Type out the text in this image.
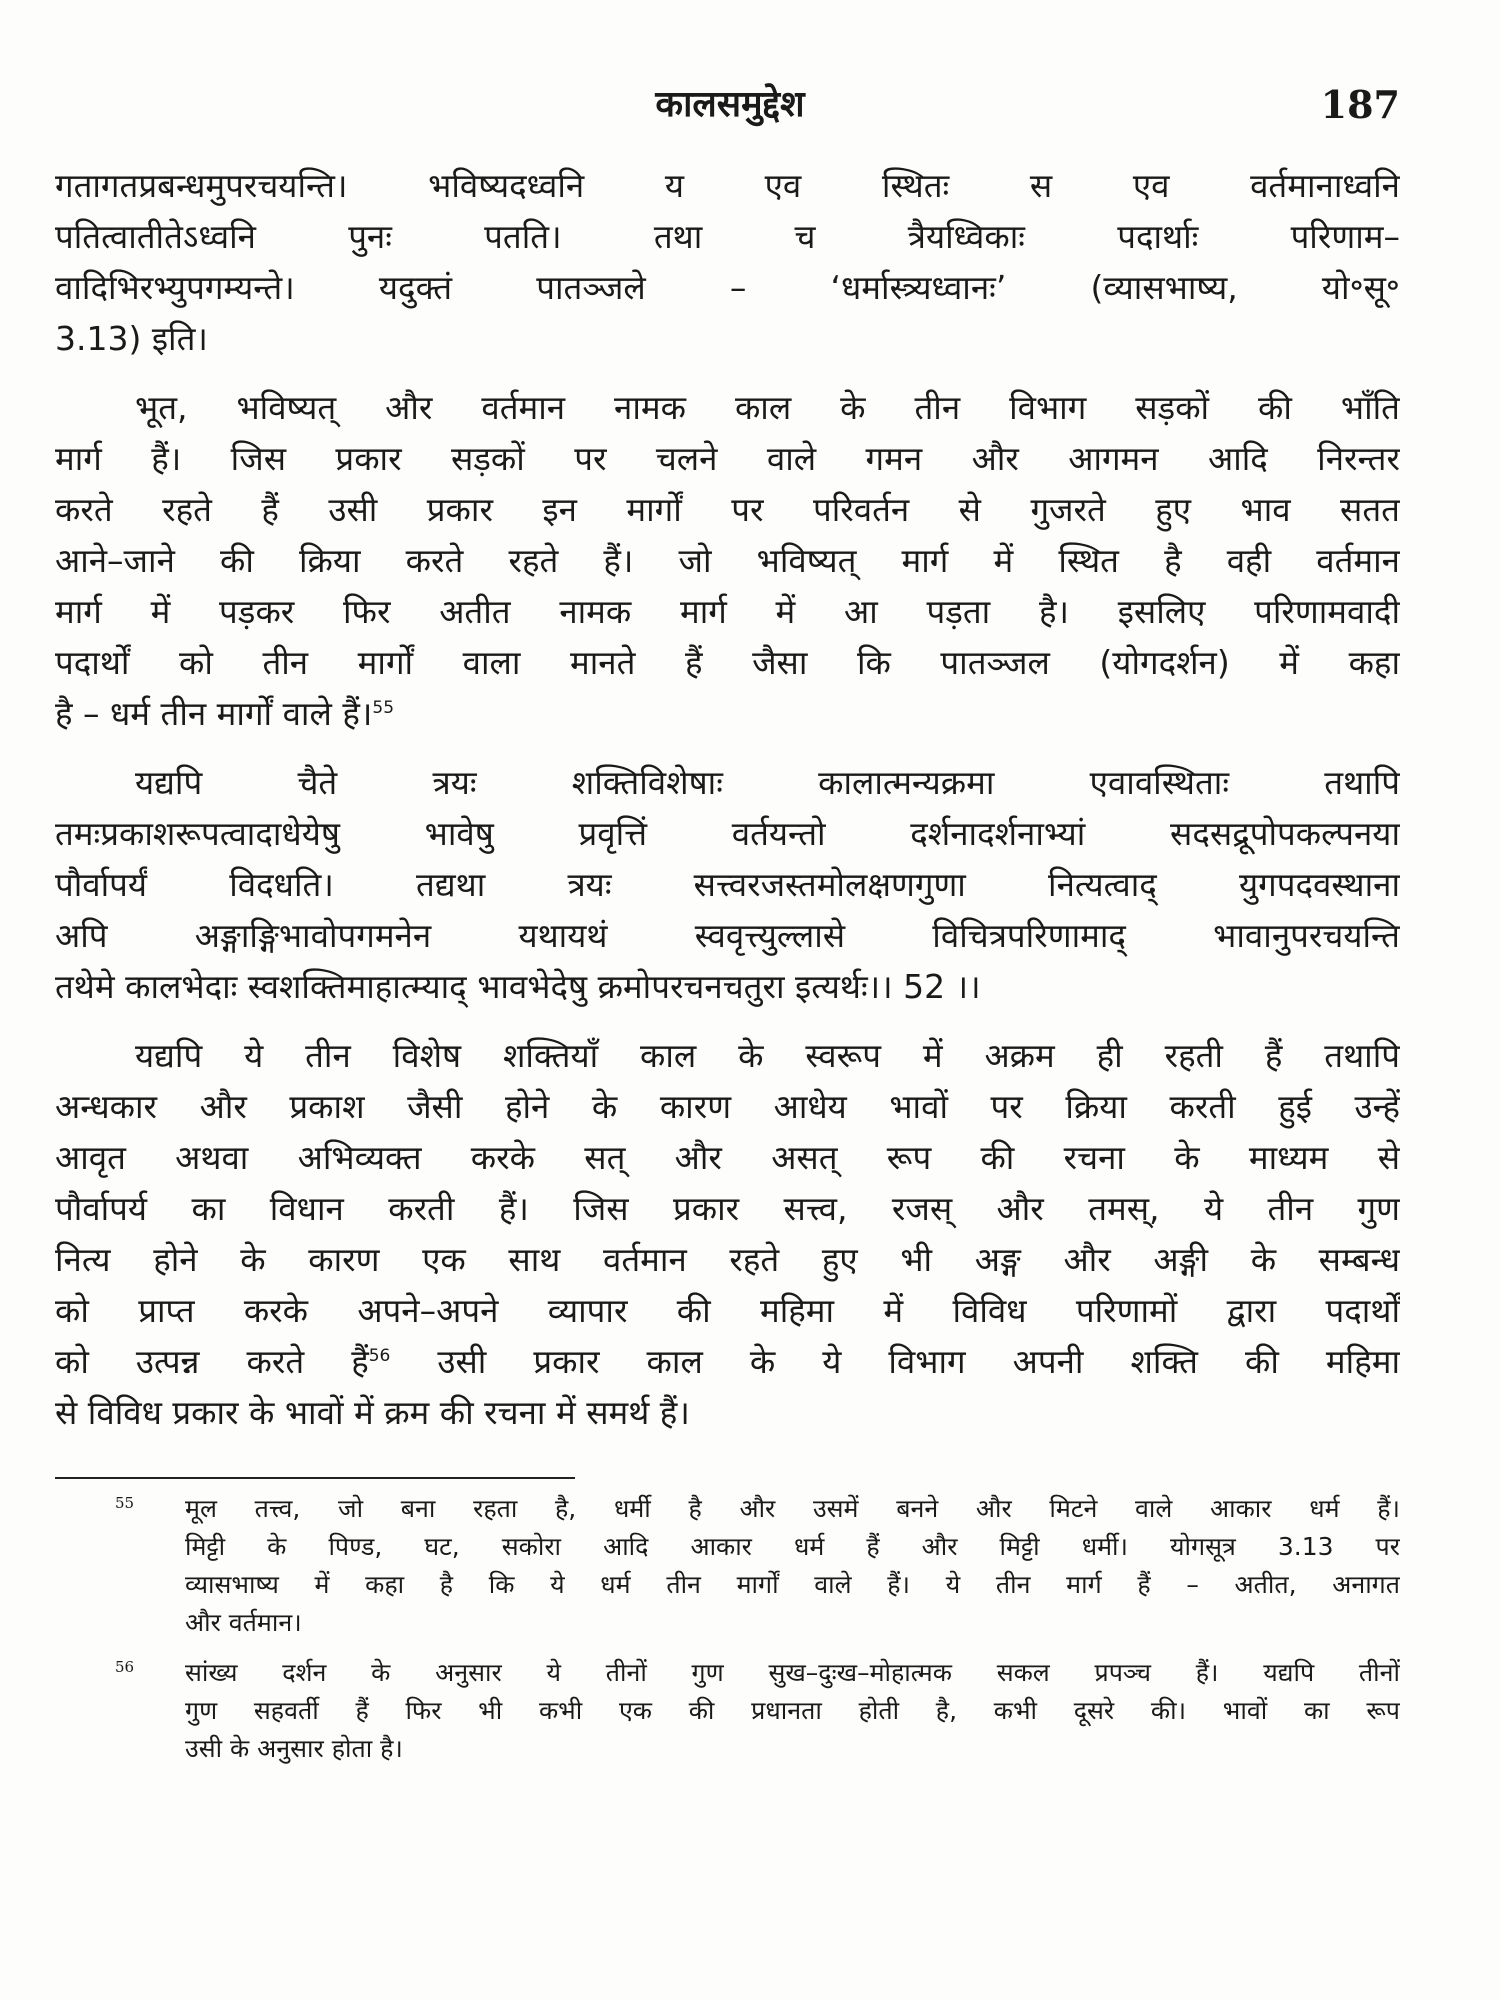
कालसमुद्देश	187
गतागतप्रबन्धमुपरचयन्ति। भविष्यदध्वनि य एव स्थितः स एव वर्तमानाध्वनि
पतित्वातीतेऽध्वनि पुनः पतति। तथा च त्रैयध्विकाः पदार्थाः परिणाम–
वादिभिरभ्युपगम्यन्ते। यदुक्तं पातञ्जले – ‘धर्मास्त्र्यध्वानः’ (व्यासभाष्य, यो॰सू॰
3.13) इति।
भूत, भविष्यत् और वर्तमान नामक काल के तीन विभाग सड़कों की भाँति
मार्ग हैं। जिस प्रकार सड़कों पर चलने वाले गमन और आगमन आदि निरन्तर
करते रहते हैं उसी प्रकार इन मार्गों पर परिवर्तन से गुजरते हुए भाव सतत
आने–जाने की क्रिया करते रहते हैं। जो भविष्यत् मार्ग में स्थित है वही वर्तमान
मार्ग में पड़कर फिर अतीत नामक मार्ग में आ पड़ता है। इसलिए परिणामवादी
पदार्थों को तीन मार्गों वाला मानते हैं जैसा कि पातञ्जल (योगदर्शन) में कहा
है – धर्म तीन मार्गों वाले हैं।$^{55}$
यद्यपि चैते त्रयः शक्तिविशेषाः कालात्मन्यक्रमा एवावस्थिताः तथापि
तमःप्रकाशरूपत्वादाधेयेषु भावेषु प्रवृत्तिं वर्तयन्तो दर्शनादर्शनाभ्यां सदसद्रूपोपकल्पनया
पौर्वापर्यं विदधति। तद्यथा त्रयः सत्त्वरजस्तमोलक्षणगुणा नित्यत्वाद् युगपदवस्थाना
अपि अङ्गाङ्गिभावोपगमनेन यथायथं स्ववृत्त्युल्लासे विचित्रपरिणामाद् भावानुपरचयन्ति
तथेमे कालभेदाः स्वशक्तिमाहात्म्याद् भावभेदेषु क्रमोपरचनचतुरा इत्यर्थः।। 52 ।।
यद्यपि ये तीन विशेष शक्तियाँ काल के स्वरूप में अक्रम ही रहती हैं तथापि
अन्धकार और प्रकाश जैसी होने के कारण आधेय भावों पर क्रिया करती हुई उन्हें
आवृत अथवा अभिव्यक्त करके सत् और असत् रूप की रचना के माध्यम से
पौर्वापर्य का विधान करती हैं। जिस प्रकार सत्त्व, रजस् और तमस्, ये तीन गुण
नित्य होने के कारण एक साथ वर्तमान रहते हुए भी अङ्ग और अङ्गी के सम्बन्ध
को प्राप्त करके अपने–अपने व्यापार की महिमा में विविध परिणामों द्वारा पदार्थों
को उत्पन्न करते हैं$^{56}$ उसी प्रकार काल के ये विभाग अपनी शक्ति की महिमा
से विविध प्रकार के भावों में क्रम की रचना में समर्थ हैं।
55 मूल तत्त्व, जो बना रहता है, धर्मी है और उसमें बनने और मिटने वाले आकार धर्म हैं।
मिट्टी के पिण्ड, घट, सकोरा आदि आकार धर्म हैं और मिट्टी धर्मी। योगसूत्र 3.13 पर
व्यासभाष्य में कहा है कि ये धर्म तीन मार्गों वाले हैं। ये तीन मार्ग हैं – अतीत, अनागत
और वर्तमान।
56 सांख्य दर्शन के अनुसार ये तीनों गुण सुख–दुःख–मोहात्मक सकल प्रपञ्च हैं। यद्यपि तीनों
गुण सहवर्ती हैं फिर भी कभी एक की प्रधानता होती है, कभी दूसरे की। भावों का रूप
उसी के अनुसार होता है।
